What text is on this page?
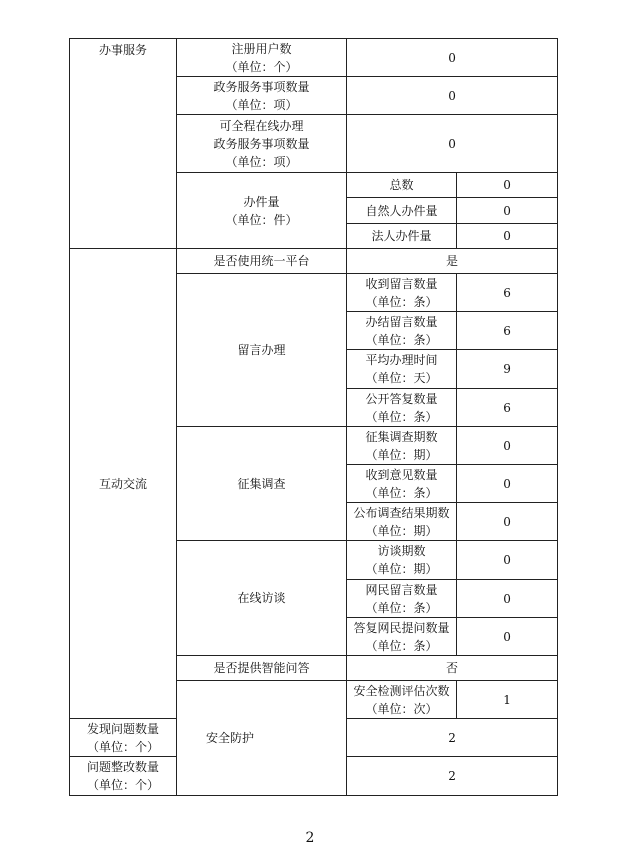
办事服务	注册用户数
（单位：个）	0	

	政务服务事项数量
（单位：项）	0	

	可全程在线办理
政务服务事项数量
（单位：项）	0	

	办件量
（单位：件）	总数	0
		自然人办件量	0
		法人办件量	0
互动交流	是否使用统一平台	是	
	留言办理	收到留言数量
（单位：条）	6

		办结留言数量
（单位：条）	6

		平均办理时间
（单位：天）	9

		公开答复数量
（单位：条）	6
	征集调查	征集调查期数
（单位：期）	0

		收到意见数量
（单位：条）	0

		公布调查结果期数
（单位：期）	0
	在线访谈	访谈期数
（单位：期）	0

		网民留言数量
（单位：条）	0

		答复网民提问数量
（单位：条）	0
	是否提供智能问答	否	
	安全防护	安全检测评估次数
（单位：次）	1

发现问题数量
（单位：个）		2	

问题整改数量
（单位：个）		2	
2
